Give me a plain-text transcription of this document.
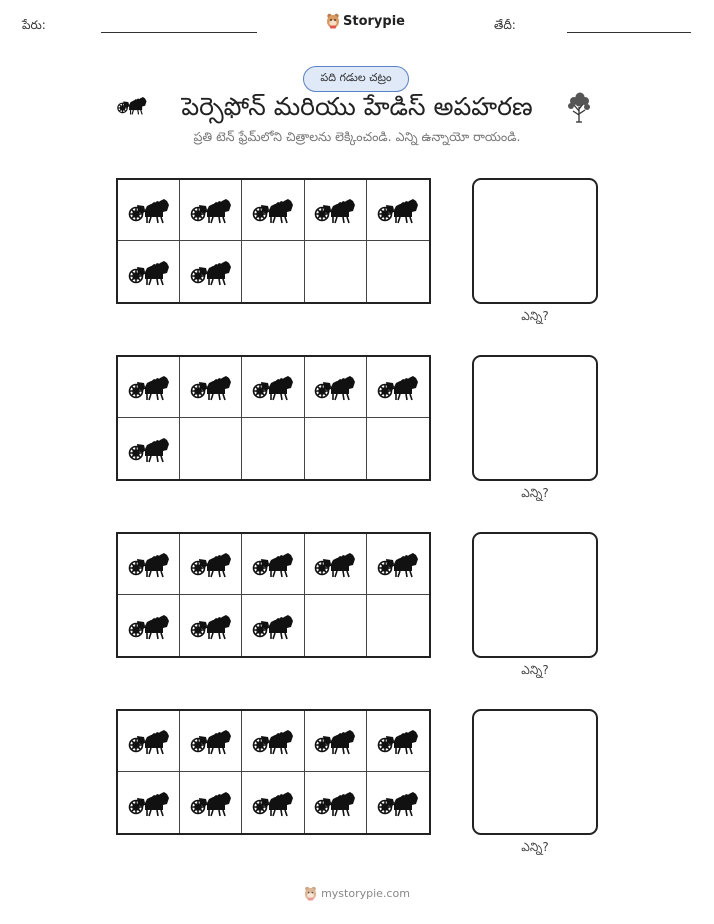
పేరు:	Storypie	తేదీ:
పది గడుల చట్రం
పెర్సెఫోన్ మరియు హేడిస్ అపహరణ
ప్రతి టెన్ ఫ్రేమ్‌లోని చిత్రాలను లెక్కించండి. ఎన్ని ఉన్నాయో రాయండి.
ఎన్ని?
ఎన్ని?
ఎన్ని?
ఎన్ని?
mystorypie.com
